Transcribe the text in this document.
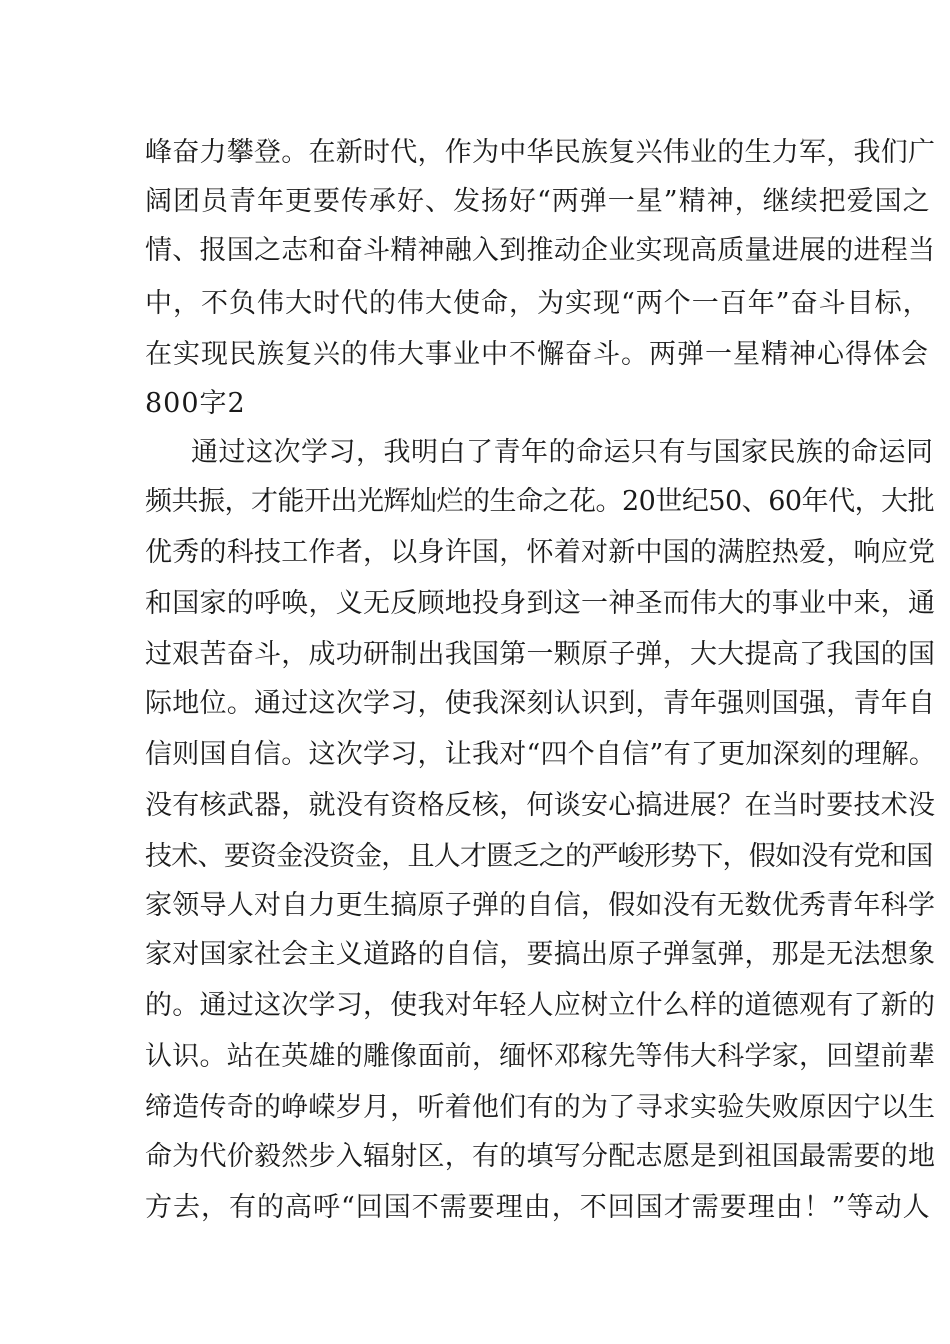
峰奋力攀登。在新时代，作为中华民族复兴伟业的生力军，我们广

阔团员青年更要传承好、发扬好“两弹一星”精神，继续把爱国之

情、报国之志和奋斗精神融入到推动企业实现高质量进展的进程当

中，不负伟大时代的伟大使命，为实现“两个一百年”奋斗目标，

在实现民族复兴的伟大事业中不懈奋斗。两弹一星精神心得体会

800字2

通过这次学习，我明白了青年的命运只有与国家民族的命运同

频共振，才能开出光辉灿烂的生命之花。20世纪50、60年代，大批

优秀的科技工作者，以身许国，怀着对新中国的满腔热爱，响应党

和国家的呼唤，义无反顾地投身到这一神圣而伟大的事业中来，通

过艰苦奋斗，成功研制出我国第一颗原子弹，大大提高了我国的国

际地位。通过这次学习，使我深刻认识到，青年强则国强，青年自

信则国自信。这次学习，让我对“四个自信”有了更加深刻的理解。

没有核武器，就没有资格反核，何谈安心搞进展？在当时要技术没

技术、要资金没资金，且人才匮乏之的严峻形势下，假如没有党和国

家领导人对自力更生搞原子弹的自信，假如没有无数优秀青年科学

家对国家社会主义道路的自信，要搞出原子弹氢弹，那是无法想象

的。通过这次学习，使我对年轻人应树立什么样的道德观有了新的

认识。站在英雄的雕像面前，缅怀邓稼先等伟大科学家，回望前辈

缔造传奇的峥嵘岁月，听着他们有的为了寻求实验失败原因宁以生

命为代价毅然步入辐射区，有的填写分配志愿是到祖国最需要的地

方去，有的高呼“回国不需要理由，不回国才需要理由！”等动人
